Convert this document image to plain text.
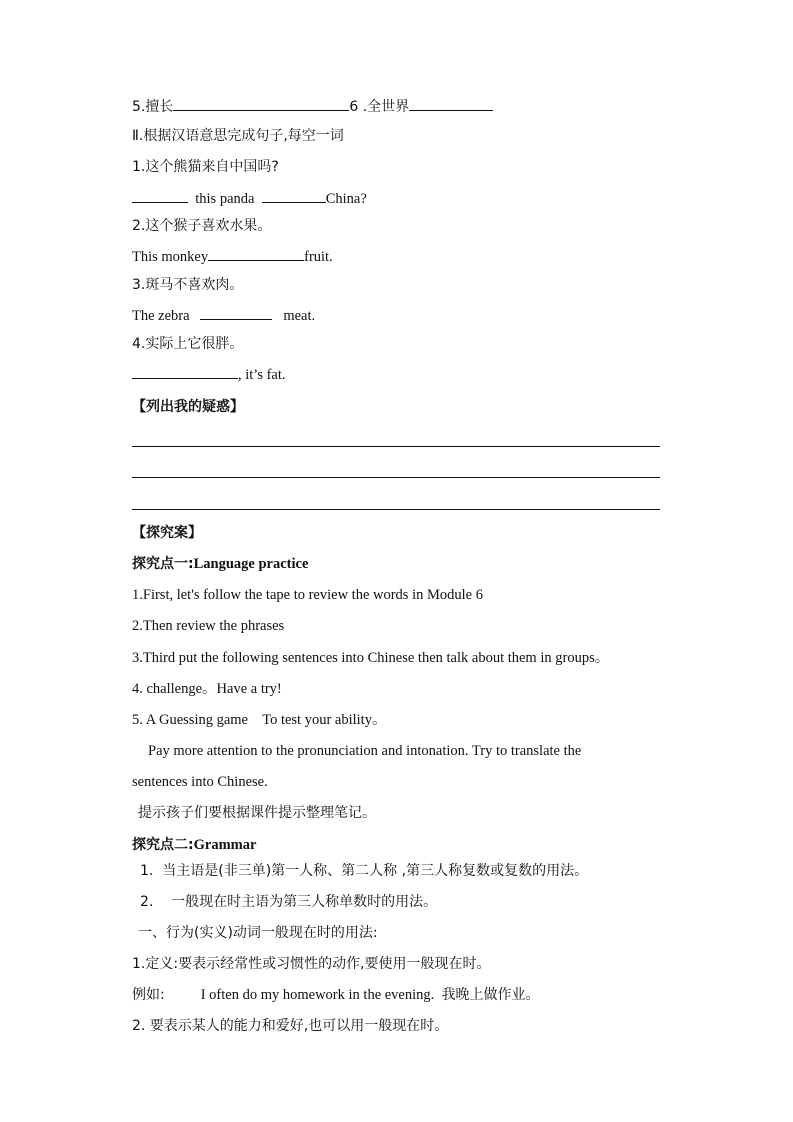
5.擅长	6 .全世界
Ⅱ.根据汉语意思完成句子,每空一词
1.这个熊猫来自中国吗?
this panda	China?
2.这个猴子喜欢水果。
This monkey	fruit.
3.斑马不喜欢肉。
The zebra	meat.
4.实际上它很胖。
, it’s fat.
【列出我的疑惑】
【探究案】
探究点一:Language practice
1.First, let's follow the tape to review the words in Module 6
2.Then review the phrases
3.Third put the following sentences into Chinese then talk about them in groups。
4. challenge。Have a try!
5. A Guessing game    To test your ability。
Pay more attention to the pronunciation and intonation. Try to translate the
sentences into Chinese.
提示孩子们要根据课件提示整理笔记。
探究点二:Grammar
1.  当主语是(非三单)第一人称、第二人称 ,第三人称复数或复数的用法。
2.    一般现在时主语为第三人称单数时的用法。
一、行为(实义)动词一般现在时的用法:
1.定义:要表示经常性或习惯性的动作,要使用一般现在时。
例如: I often do my homework in the evening. 我晚上做作业。
2. 要表示某人的能力和爱好,也可以用一般现在时。
